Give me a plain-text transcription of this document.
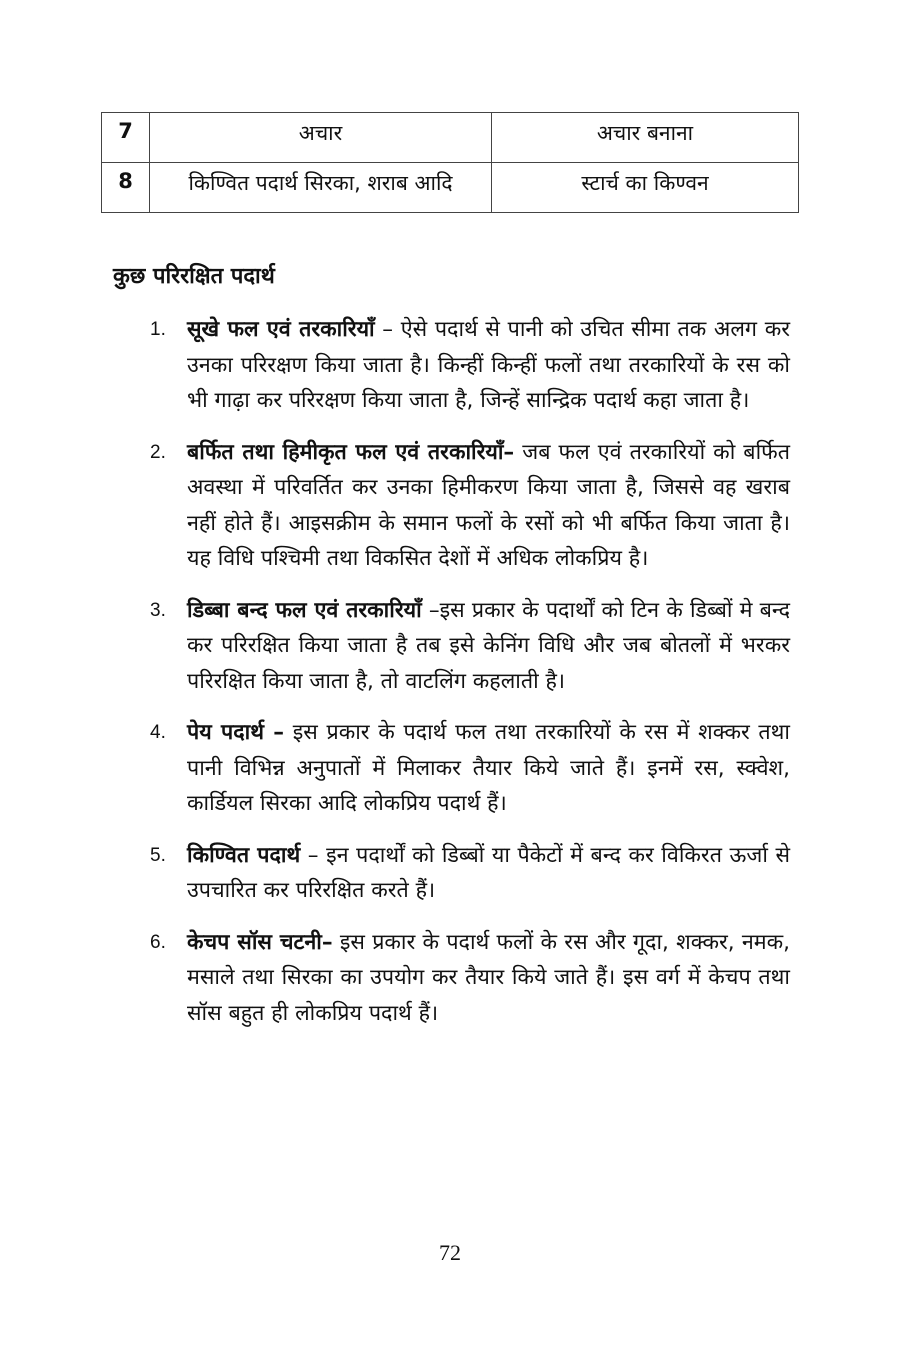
7	अचार	अचार बनाना
8	किण्वित पदार्थ सिरका, शराब आदि	स्टार्च का किण्वन
कुछ परिरक्षित पदार्थ
1. सूखे फल एवं तरकारियाँ – ऐसे पदार्थ से पानी को उचित सीमा तक अलग कर उनका परिरक्षण किया जाता है। किन्हीं किन्हीं फलों तथा तरकारियों के रस को भी गाढ़ा कर परिरक्षण किया जाता है, जिन्हें सान्द्रिक पदार्थ कहा जाता है।
2. बर्फित तथा हिमीकृत फल एवं तरकारियाँ– जब फल एवं तरकारियों को बर्फित अवस्था में परिवर्तित कर उनका हिमीकरण किया जाता है, जिससे वह खराब नहीं होते हैं। आइसक्रीम के समान फलों के रसों को भी बर्फित किया जाता है। यह विधि पश्चिमी तथा विकसित देशों में अधिक लोकप्रिय है।
3. डिब्बा बन्द फल एवं तरकारियाँ –इस प्रकार के पदार्थों को टिन के डिब्बों मे बन्द कर परिरक्षित किया जाता है तब इसे केनिंग विधि और जब बोतलों में भरकर परिरक्षित किया जाता है, तो वाटलिंग कहलाती है।
4. पेय पदार्थ – इस प्रकार के पदार्थ फल तथा तरकारियों के रस में शक्कर तथा पानी विभिन्न अनुपातों में मिलाकर तैयार किये जाते हैं। इनमें रस, स्क्वेश, कार्डियल सिरका आदि लोकप्रिय पदार्थ हैं।
5. किण्वित पदार्थ – इन पदार्थों को डिब्बों या पैकेटों में बन्द कर विकिरत ऊर्जा से उपचारित कर परिरक्षित करते हैं।
6. केचप सॉस चटनी– इस प्रकार के पदार्थ फलों के रस और गूदा, शक्कर, नमक, मसाले तथा सिरका का उपयोग कर तैयार किये जाते हैं। इस वर्ग में केचप तथा सॉस बहुत ही लोकप्रिय पदार्थ हैं।
72
